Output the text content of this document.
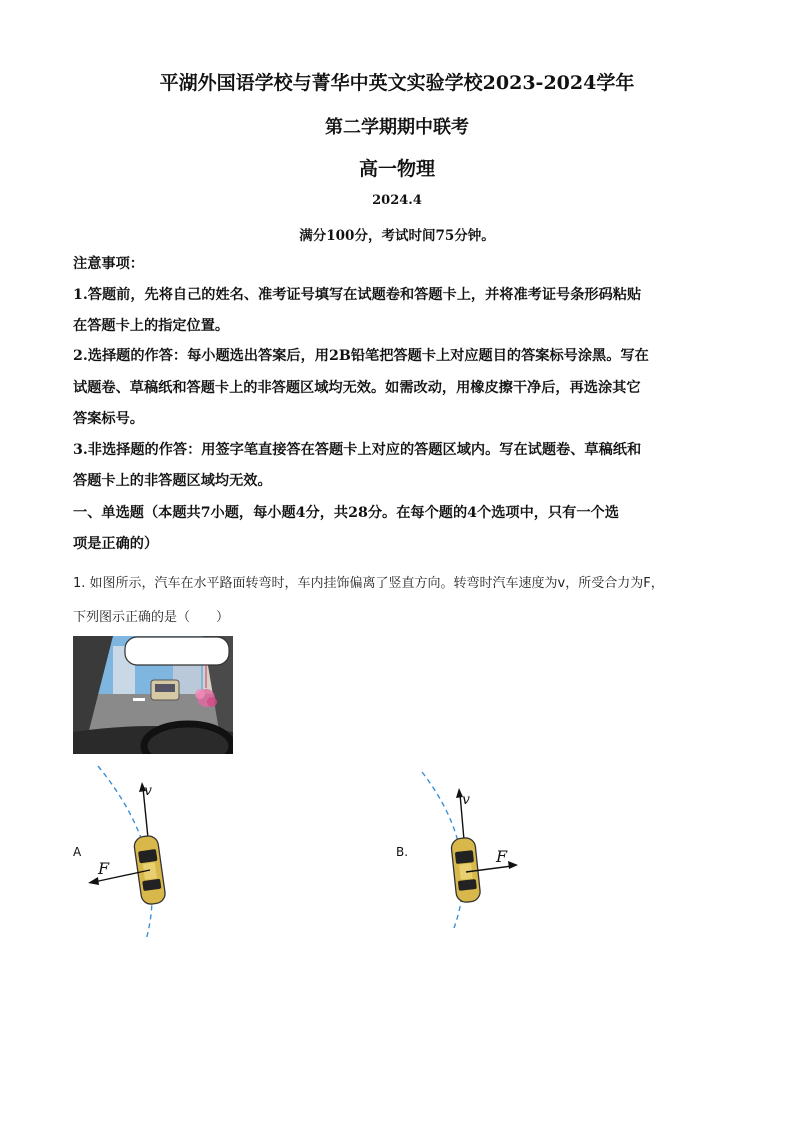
平湖外国语学校与菁华中英文实验学校2023-2024学年
第二学期期中联考
高一物理
2024.4
满分100分，考试时间75分钟。
注意事项：
1.答题前，先将自己的姓名、准考证号填写在试题卷和答题卡上，并将准考证号条形码粘贴
在答题卡上的指定位置。
2.选择题的作答：每小题选出答案后，用2B铅笔把答题卡上对应题目的答案标号涂黑。写在
试题卷、草稿纸和答题卡上的非答题区域均无效。如需改动，用橡皮擦干净后，再选涂其它
答案标号。
3.非选择题的作答：用签字笔直接答在答题卡上对应的答题区域内。写在试题卷、草稿纸和
答题卡上的非答题区域均无效。
一、单选题（本题共7小题，每小题4分，共28分。在每个题的4个选项中，只有一个选
项是正确的）
1. 如图所示，汽车在水平路面转弯时，车内挂饰偏离了竖直方向。转弯时汽车速度为v，所受合力为F，
下列图示正确的是（　　）
A
v
F
B.
v
F
